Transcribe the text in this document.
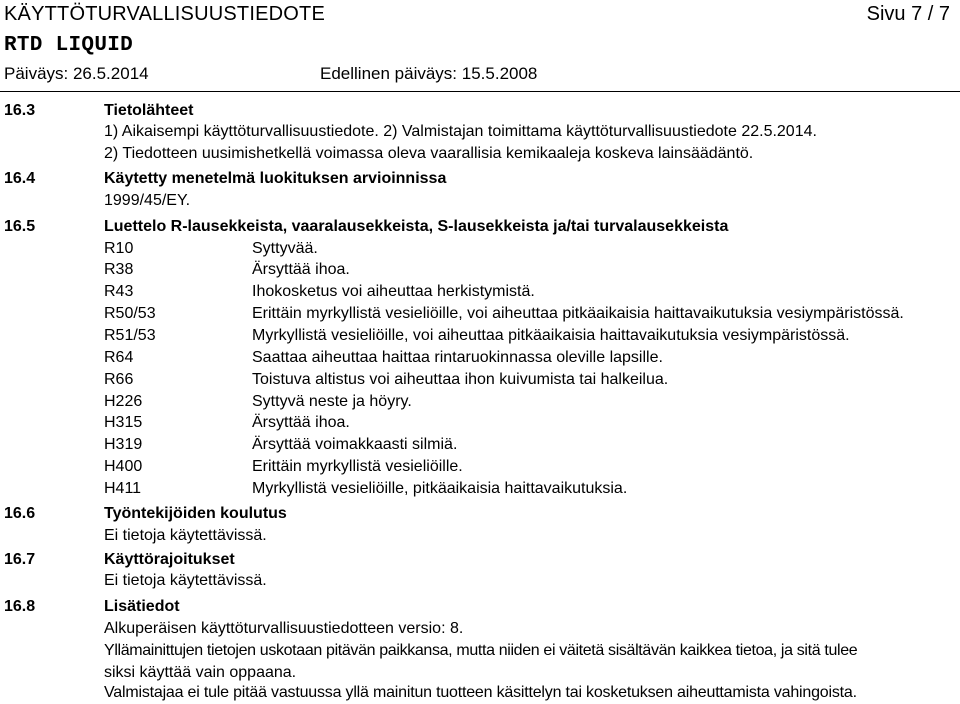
KÄYTTÖTURVALLISUUSTIEDOTE	Sivu 7 / 7
RTD LIQUID
Päiväys: 26.5.2014	Edellinen päiväys: 15.5.2008
16.3	Tietolähteet
1) Aikaisempi käyttöturvallisuustiedote. 2) Valmistajan toimittama käyttöturvallisuustiedote 22.5.2014.
2) Tiedotteen uusimishetkellä voimassa oleva vaarallisia kemikaaleja koskeva lainsäädäntö.
16.4	Käytetty menetelmä luokituksen arvioinnissa
1999/45/EY.
16.5	Luettelo R-lausekkeista, vaaralausekkeista, S-lausekkeista ja/tai turvalausekkeista
R10	Syttyvää.
R38	Ärsyttää ihoa.
R43	Ihokosketus voi aiheuttaa herkistymistä.
R50/53	Erittäin myrkyllistä vesieliöille, voi aiheuttaa pitkäaikaisia haittavaikutuksia vesiympäristössä.
R51/53	Myrkyllistä vesieliöille, voi aiheuttaa pitkäaikaisia haittavaikutuksia vesiympäristössä.
R64	Saattaa aiheuttaa haittaa rintaruokinnassa oleville lapsille.
R66	Toistuva altistus voi aiheuttaa ihon kuivumista tai halkeilua.
H226	Syttyvä neste ja höyry.
H315	Ärsyttää ihoa.
H319	Ärsyttää voimakkaasti silmiä.
H400	Erittäin myrkyllistä vesieliöille.
H411	Myrkyllistä vesieliöille, pitkäaikaisia haittavaikutuksia.
16.6	Työntekijöiden koulutus
Ei tietoja käytettävissä.
16.7	Käyttörajoitukset
Ei tietoja käytettävissä.
16.8	Lisätiedot
Alkuperäisen käyttöturvallisuustiedotteen versio: 8.
Yllämainittujen tietojen uskotaan pitävän paikkansa, mutta niiden ei väitetä sisältävän kaikkea tietoa, ja sitä tulee
siksi käyttää vain oppaana.
Valmistajaa ei tule pitää vastuussa yllä mainitun tuotteen käsittelyn tai kosketuksen aiheuttamista vahingoista.
